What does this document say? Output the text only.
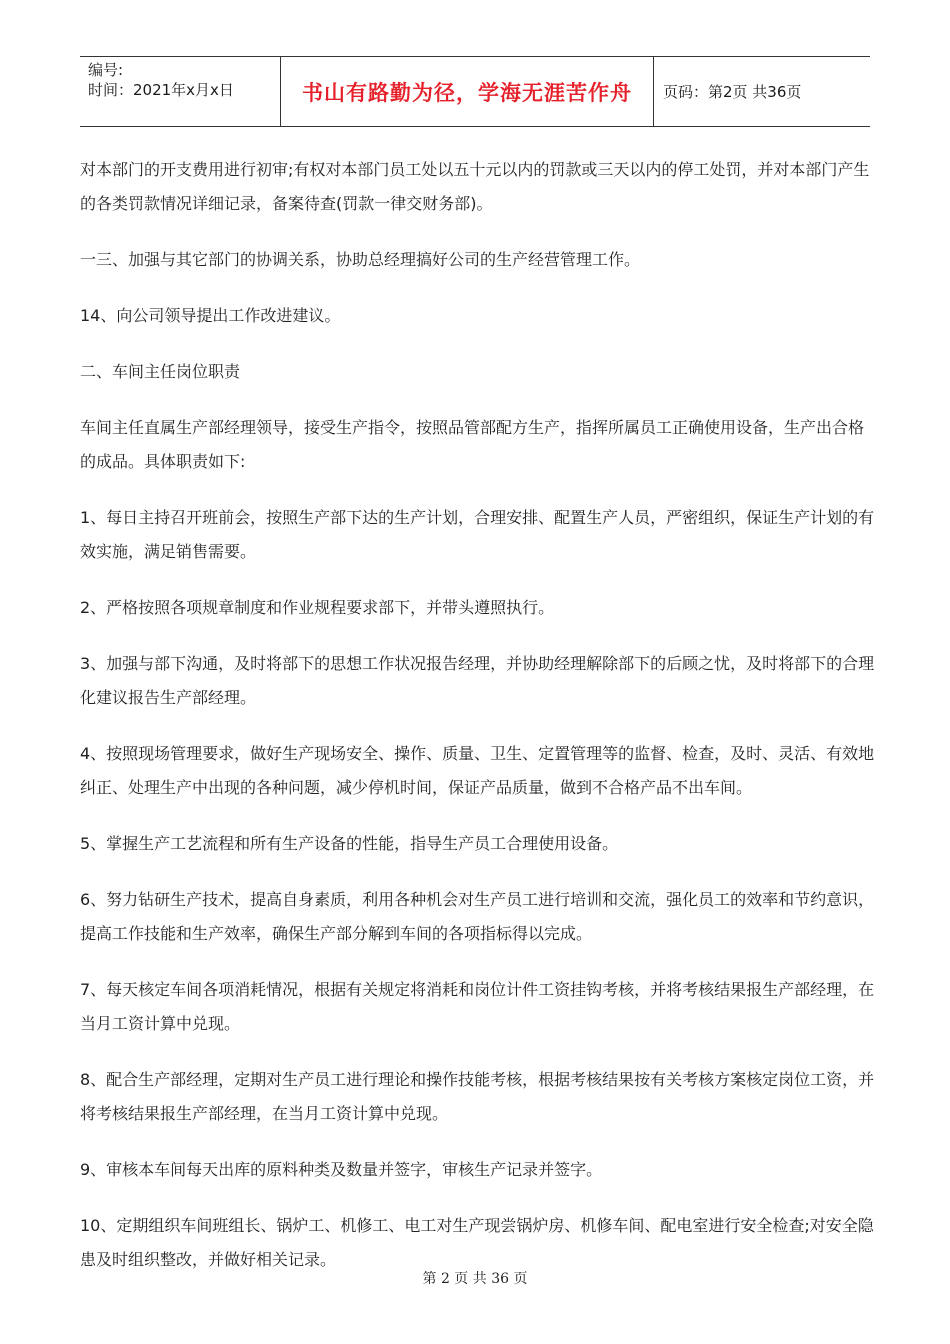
编号:
时间：2021年x月x日	书山有路勤为径，学海无涯苦作舟	页码：第2页 共36页

对本部门的开支费用进行初审;有权对本部门员工处以五十元以内的罚款或三天以内的停工处罚，并对本部门产生的各类罚款情况详细记录，备案待查(罚款一律交财务部)。

一三、加强与其它部门的协调关系，协助总经理搞好公司的生产经营管理工作。

14、向公司领导提出工作改进建议。

二、车间主任岗位职责

车间主任直属生产部经理领导，接受生产指令，按照品管部配方生产，指挥所属员工正确使用设备，生产出合格的成品。具体职责如下:

1、每日主持召开班前会，按照生产部下达的生产计划，合理安排、配置生产人员，严密组织，保证生产计划的有效实施，满足销售需要。

2、严格按照各项规章制度和作业规程要求部下，并带头遵照执行。

3、加强与部下沟通，及时将部下的思想工作状况报告经理，并协助经理解除部下的后顾之忧，及时将部下的合理化建议报告生产部经理。

4、按照现场管理要求，做好生产现场安全、操作、质量、卫生、定置管理等的监督、检查，及时、灵活、有效地纠正、处理生产中出现的各种问题，减少停机时间，保证产品质量，做到不合格产品不出车间。

5、掌握生产工艺流程和所有生产设备的性能，指导生产员工合理使用设备。

6、努力钻研生产技术，提高自身素质，利用各种机会对生产员工进行培训和交流，强化员工的效率和节约意识，提高工作技能和生产效率，确保生产部分解到车间的各项指标得以完成。

7、每天核定车间各项消耗情况，根据有关规定将消耗和岗位计件工资挂钩考核，并将考核结果报生产部经理，在当月工资计算中兑现。

8、配合生产部经理，定期对生产员工进行理论和操作技能考核，根据考核结果按有关考核方案核定岗位工资，并将考核结果报生产部经理，在当月工资计算中兑现。

9、审核本车间每天出库的原料种类及数量并签字，审核生产记录并签字。

10、定期组织车间班组长、锅炉工、机修工、电工对生产现尝锅炉房、机修车间、配电室进行安全检查;对安全隐患及时组织整改，并做好相关记录。

第 2 页 共 36 页
